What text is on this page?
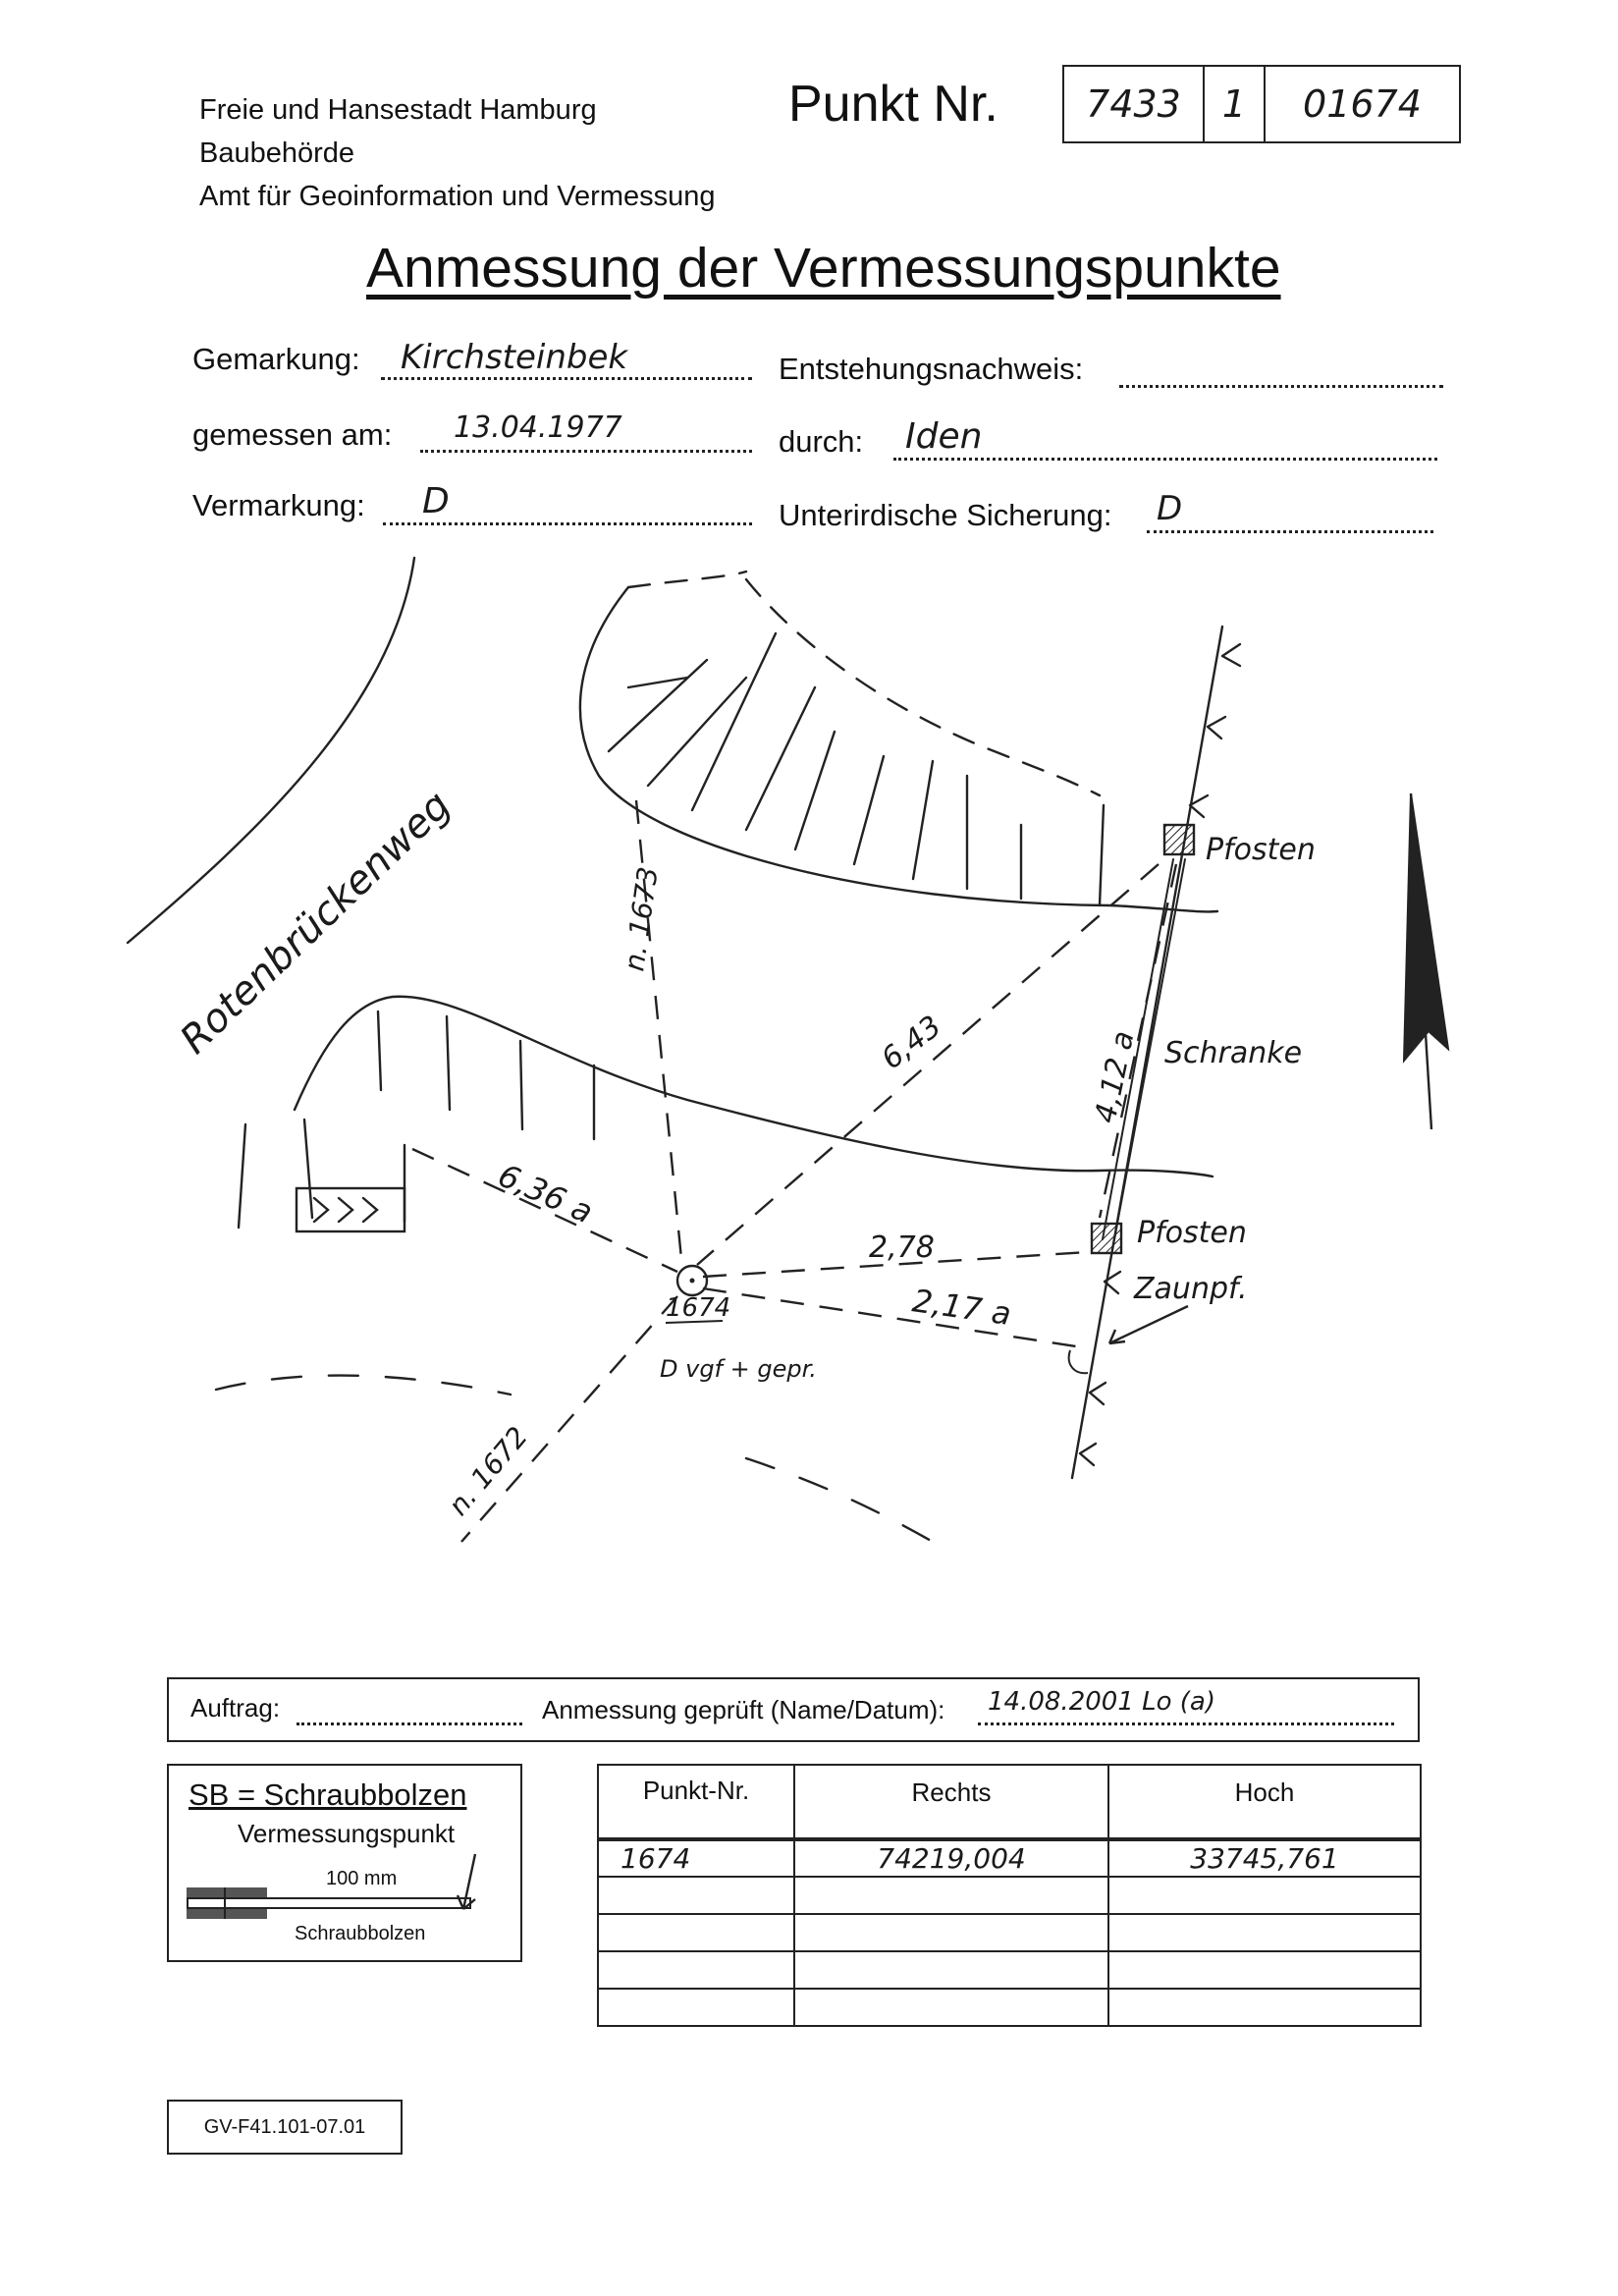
Freie und Hansestadt Hamburg
Baubehörde
Amt für Geoinformation und Vermessung
Punkt Nr.	7433	1	01674
Anmessung der Vermessungspunkte
Gemarkung:	Kirchsteinbek	Entstehungsnachweis:
gemessen am:	13.04.1977	durch:	Iden
Vermarkung:	D	Unterirdische Sicherung: D
Rotenbrückenweg	Pfosten
Schranke
Pfosten
Zaunpf.
1674
D vgf + gepr.
6,43
6,36 a
2,78
2,17 a
4,12 a
n. 1673
n. 1672
Auftrag:	Anmessung geprüft (Name/Datum):	14.08.2001 Lo (a)
SB = Schraubbolzen
Vermessungspunkt
100 mm
Schraubbolzen
Punkt-Nr.	Rechts	Hoch
1674	74219,004	33745,761

GV-F41.101-07.01
